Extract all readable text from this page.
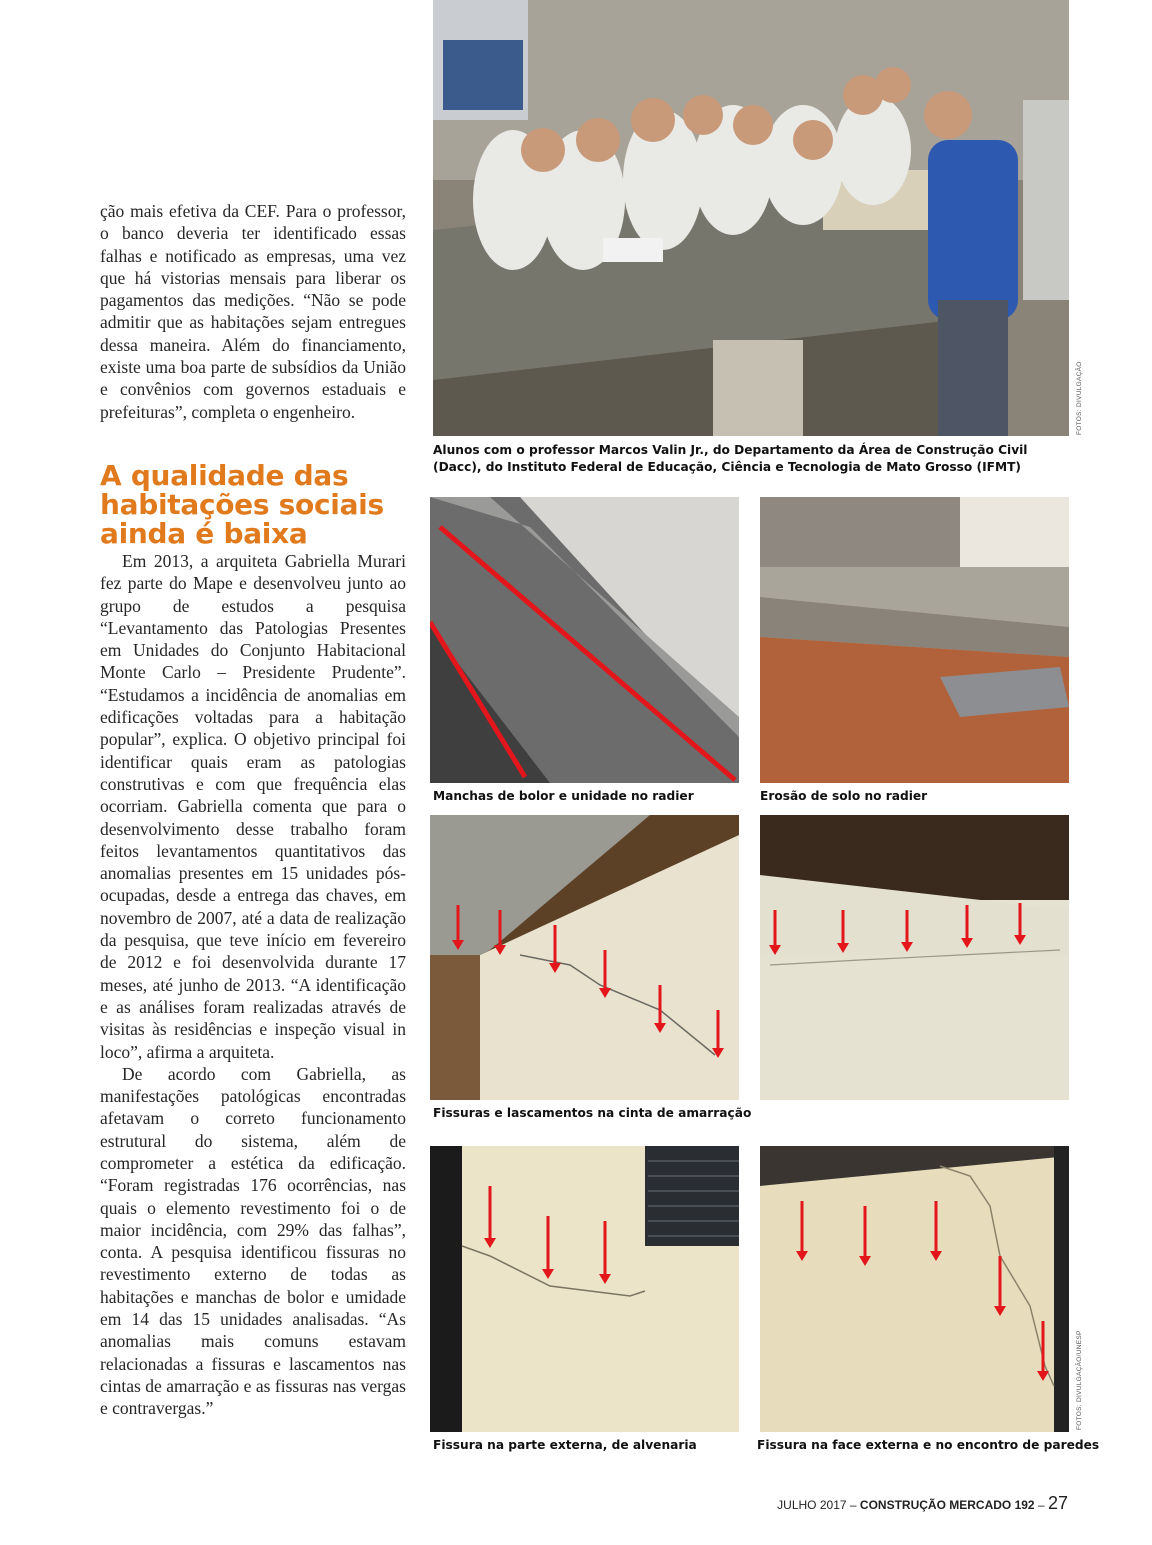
ção mais efetiva da CEF. Para o professor, o banco deveria ter identificado essas falhas e notificado as empresas, uma vez que há vistorias mensais para liberar os pagamentos das medições. “Não se pode admitir que as habitações sejam entregues dessa maneira. Além do financiamento, existe uma boa parte de subsídios da União e convênios com governos estaduais e prefeituras”, completa o engenheiro.

A qualidade das
habitações sociais
ainda é baixa

Em 2013, a arquiteta Gabriella Murari fez parte do Mape e desenvolveu junto ao grupo de estudos a pesquisa “Levantamento das Patologias Presentes em Unidades do Conjunto Habitacional Monte Carlo – Presidente Prudente”. “Estudamos a incidência de anomalias em edificações voltadas para a habitação popular”, explica. O objetivo principal foi identificar quais eram as patologias construtivas e com que frequência elas ocorriam. Gabriella comenta que para o desenvolvimento desse trabalho foram feitos levantamentos quantitativos das anomalias presentes em 15 unidades pós-ocupadas, desde a entrega das chaves, em novembro de 2007, até a data de realização da pesquisa, que teve início em fevereiro de 2012 e foi desenvolvida durante 17 meses, até junho de 2013. “A identificação e as análises foram realizadas através de visitas às residências e inspeção visual in loco”, afirma a arquiteta.

De acordo com Gabriella, as manifestações patológicas encontradas afetavam o correto funcionamento estrutural do sistema, além de comprometer a estética da edificação. “Foram registradas 176 ocorrências, nas quais o elemento revestimento foi o de maior incidência, com 29% das falhas”, conta. A pesquisa identificou fissuras no revestimento externo de todas as habitações e manchas de bolor e umidade em 14 das 15 unidades analisadas. “As anomalias mais comuns estavam relacionadas a fissuras e lascamentos nas cintas de amarração e as fissuras nas vergas e contravergas.”

FOTOS: DIVULGAÇÃO
Alunos com o professor Marcos Valin Jr., do Departamento da Área de Construção Civil
(Dacc), do Instituto Federal de Educação, Ciência e Tecnologia de Mato Grosso (IFMT)
Manchas de bolor e unidade no radier	Erosão de solo no radier
Fissuras e lascamentos na cinta de amarração
Fissura na parte externa, de alvenaria
FOTOS: DIVULGAÇÃO/UNESP
Fissura na face externa e no encontro de paredes
JULHO 2017 – CONSTRUÇÃO MERCADO 192 – 27
